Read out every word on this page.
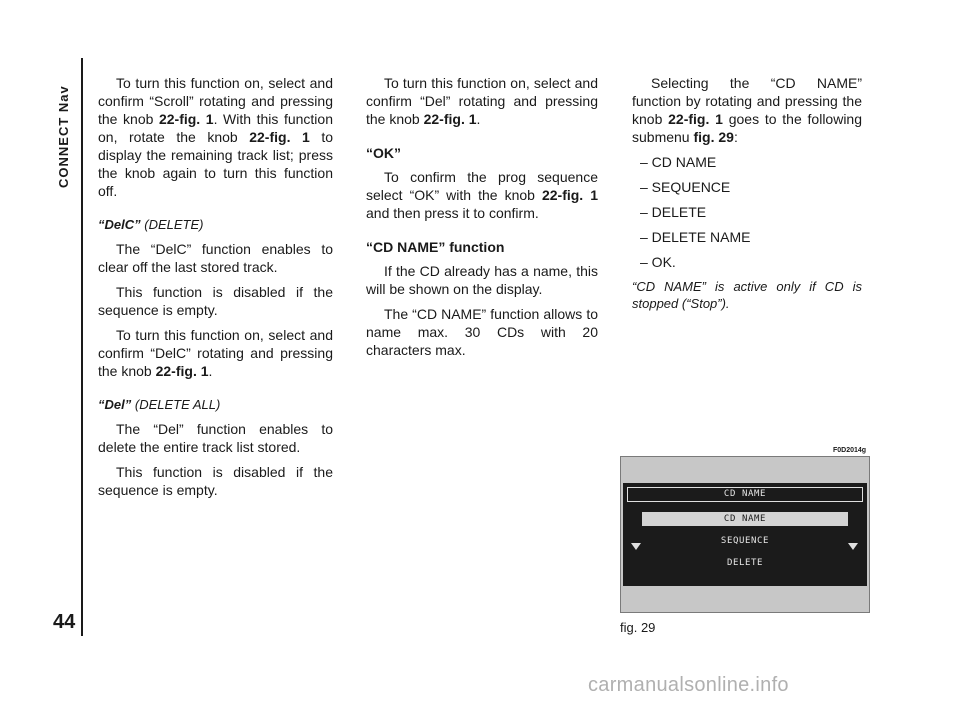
CONNECT Nav
44

To turn this function on, select and confirm “Scroll” rotating and pressing the knob 22-fig. 1. With this function on, rotate the knob 22-fig. 1 to display the remaining track list; press the knob again to turn this function off.

“DelC” (DELETE)

The “DelC” function enables to clear off the last stored track.

This function is disabled if the sequence is empty.

To turn this function on, select and confirm “DelC” rotating and pressing the knob 22-fig. 1.

“Del” (DELETE ALL)

The “Del” function enables to delete the entire track list stored.

This function is disabled if the sequence is empty.

To turn this function on, select and confirm “Del” rotating and pressing the knob 22-fig. 1.

“OK”

To confirm the prog sequence select “OK” with the knob 22-fig. 1 and then press it to confirm.

“CD NAME” function

If the CD already has a name, this will be shown on the display.

The “CD NAME” function allows to name max. 30 CDs with 20 characters max.

Selecting the “CD NAME” function by rotating and pressing the knob 22-fig. 1 goes to the following submenu fig. 29:

– CD NAME

– SEQUENCE

– DELETE

– DELETE NAME

– OK.

“CD NAME” is active only if CD is stopped (“Stop”).

F0D2014g
CD NAME
CD NAME
SEQUENCE
DELETE
fig. 29
carmanualsonline.info
